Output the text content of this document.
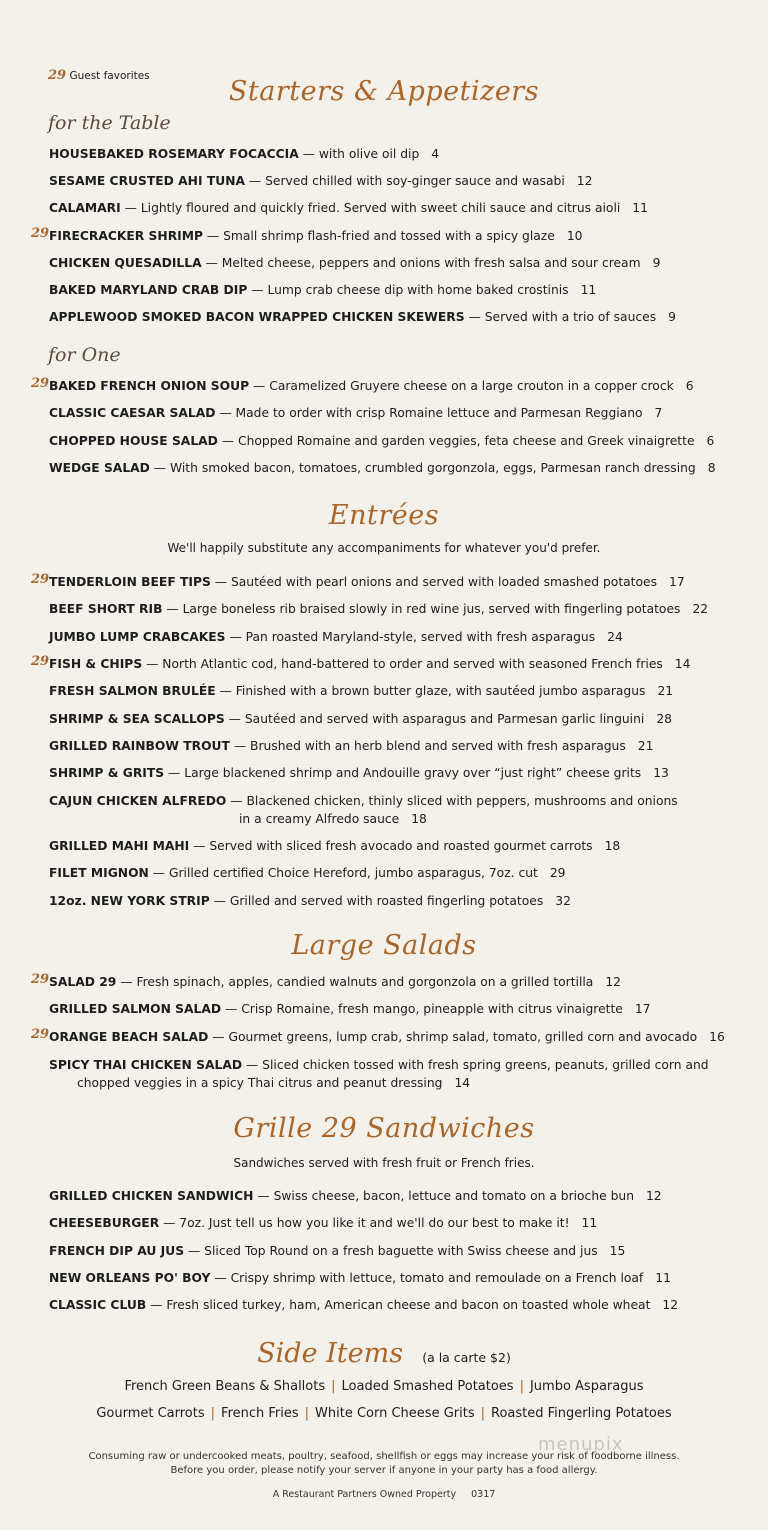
29 Guest favorites	Starters & Appetizers
for the Table
HOUSEBAKED ROSEMARY FOCACCIA — with olive oil dip 4
SESAME CRUSTED AHI TUNA — Served chilled with soy-ginger sauce and wasabi 12
CALAMARI — Lightly floured and quickly fried. Served with sweet chili sauce and citrus aioli 11
29 FIRECRACKER SHRIMP — Small shrimp flash-fried and tossed with a spicy glaze 10
CHICKEN QUESADILLA — Melted cheese, peppers and onions with fresh salsa and sour cream 9
BAKED MARYLAND CRAB DIP — Lump crab cheese dip with home baked crostinis 11
APPLEWOOD SMOKED BACON WRAPPED CHICKEN SKEWERS — Served with a trio of sauces 9
for One
29 BAKED FRENCH ONION SOUP — Caramelized Gruyere cheese on a large crouton in a copper crock 6
CLASSIC CAESAR SALAD — Made to order with crisp Romaine lettuce and Parmesan Reggiano 7
CHOPPED HOUSE SALAD — Chopped Romaine and garden veggies, feta cheese and Greek vinaigrette 6
WEDGE SALAD — With smoked bacon, tomatoes, crumbled gorgonzola, eggs, Parmesan ranch dressing 8
Entrées
We'll happily substitute any accompaniments for whatever you'd prefer.
29 TENDERLOIN BEEF TIPS — Sautéed with pearl onions and served with loaded smashed potatoes 17
BEEF SHORT RIB — Large boneless rib braised slowly in red wine jus, served with fingerling potatoes 22
JUMBO LUMP CRABCAKES — Pan roasted Maryland-style, served with fresh asparagus 24
29 FISH & CHIPS — North Atlantic cod, hand-battered to order and served with seasoned French fries 14
FRESH SALMON BRULÉE — Finished with a brown butter glaze, with sautéed jumbo asparagus 21
SHRIMP & SEA SCALLOPS — Sautéed and served with asparagus and Parmesan garlic linguini 28
GRILLED RAINBOW TROUT — Brushed with an herb blend and served with fresh asparagus 21
SHRIMP & GRITS — Large blackened shrimp and Andouille gravy over “just right” cheese grits 13
CAJUN CHICKEN ALFREDO — Blackened chicken, thinly sliced with peppers, mushrooms and onions
in a creamy Alfredo sauce 18
GRILLED MAHI MAHI — Served with sliced fresh avocado and roasted gourmet carrots 18
FILET MIGNON — Grilled certified Choice Hereford, jumbo asparagus, 7oz. cut 29
12oz. NEW YORK STRIP — Grilled and served with roasted fingerling potatoes 32
Large Salads
29 SALAD 29 — Fresh spinach, apples, candied walnuts and gorgonzola on a grilled tortilla 12
GRILLED SALMON SALAD — Crisp Romaine, fresh mango, pineapple with citrus vinaigrette 17
29 ORANGE BEACH SALAD — Gourmet greens, lump crab, shrimp salad, tomato, grilled corn and avocado 16
SPICY THAI CHICKEN SALAD — Sliced chicken tossed with fresh spring greens, peanuts, grilled corn and
chopped veggies in a spicy Thai citrus and peanut dressing 14
Grille 29 Sandwiches
Sandwiches served with fresh fruit or French fries.
GRILLED CHICKEN SANDWICH — Swiss cheese, bacon, lettuce and tomato on a brioche bun 12
CHEESEBURGER — 7oz. Just tell us how you like it and we'll do our best to make it! 11
FRENCH DIP AU JUS — Sliced Top Round on a fresh baguette with Swiss cheese and jus 15
NEW ORLEANS PO' BOY — Crispy shrimp with lettuce, tomato and remoulade on a French loaf 11
CLASSIC CLUB — Fresh sliced turkey, ham, American cheese and bacon on toasted whole wheat 12
Side Items (a la carte $2)
French Green Beans & Shallots | Loaded Smashed Potatoes | Jumbo Asparagus
Gourmet Carrots | French Fries | White Corn Cheese Grits | Roasted Fingerling Potatoes
Consuming raw or undercooked meats, poultry, seafood, shellfish or eggs may increase your risk of foodborne illness.
Before you order, please notify your server if anyone in your party has a food allergy.
A Restaurant Partners Owned Property 0317
menupix
